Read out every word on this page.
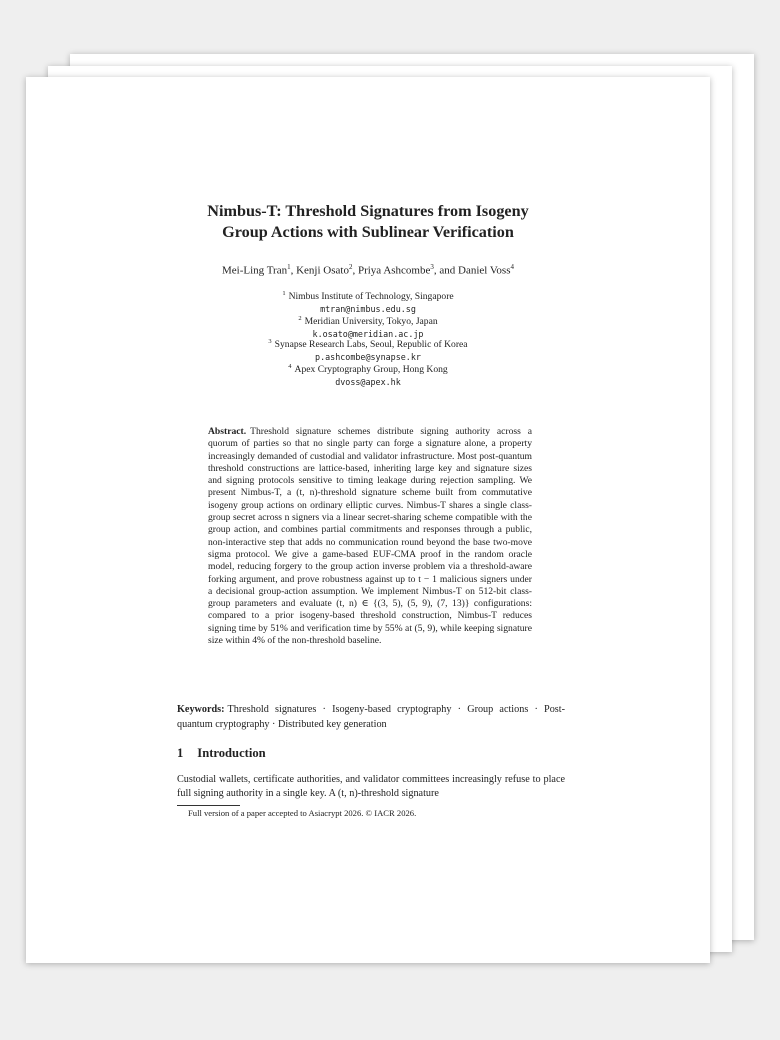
Nimbus-T: Threshold Signatures from Isogeny
Group Actions with Sublinear Verification
Mei-Ling Tran$^1$, Kenji Osato$^2$, Priya Ashcombe$^3$, and Daniel Voss$^4$
$^1$ Nimbus Institute of Technology, Singapore
mtran@nimbus.edu.sg
$^2$ Meridian University, Tokyo, Japan
k.osato@meridian.ac.jp
$^3$ Synapse Research Labs, Seoul, Republic of Korea
p.ashcombe@synapse.kr
$^4$ Apex Cryptography Group, Hong Kong
dvoss@apex.hk
Abstract. Threshold signature schemes distribute signing authority across a quorum of parties so that no single party can forge a signature alone, a property increasingly demanded of custodial and validator infrastructure. Most post-quantum threshold constructions are lattice-based, inheriting large key and signature sizes and signing protocols sensitive to timing leakage during rejection sampling. We present Nimbus-T, a (t, n)-threshold signature scheme built from commutative isogeny group actions on ordinary elliptic curves. Nimbus-T shares a single class-group secret across n signers via a linear secret-sharing scheme compatible with the group action, and combines partial commitments and responses through a public, non-interactive step that adds no communication round beyond the base two-move sigma protocol. We give a game-based EUF-CMA proof in the random oracle model, reducing forgery to the group action inverse problem via a threshold-aware forking argument, and prove robustness against up to t − 1 malicious signers under a decisional group-action assumption. We implement Nimbus-T on 512-bit class-group parameters and evaluate (t, n) ∈ {(3, 5), (5, 9), (7, 13)} configurations: compared to a prior isogeny-based threshold construction, Nimbus-T reduces signing time by 51% and verification time by 55% at (5, 9), while keeping signature size within 4% of the non-threshold baseline.
Keywords: Threshold signatures · Isogeny-based cryptography · Group actions · Post-quantum cryptography · Distributed key generation
1 Introduction
Custodial wallets, certificate authorities, and validator committees increasingly refuse to place full signing authority in a single key. A (t, n)-threshold signature
Full version of a paper accepted to Asiacrypt 2026. © IACR 2026.
